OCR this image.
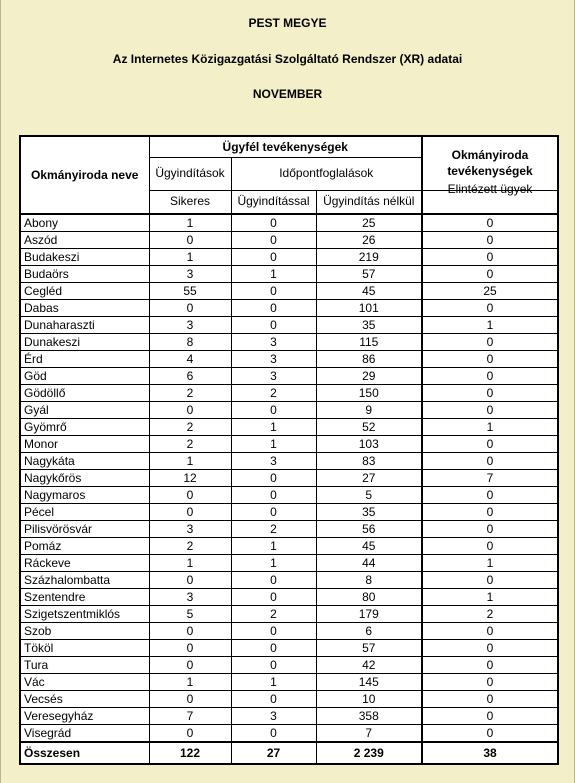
PEST MEGYE
Az Internetes Közigazgatási Szolgáltató Rendszer (XR) adatai
NOVEMBER
Okmányiroda neve	Ügyfél tevékenységek			Okmányiroda tevékenységek
	Ügyindítások	Időpontfoglalások		
	Sikeres	Ügyindítással	Ügyindítás nélkül	Elintézett ügyek
Abony	1	0	25	0
Aszód	0	0	26	0
Budakeszi	1	0	219	0
Budaörs	3	1	57	0
Cegléd	55	0	45	25
Dabas	0	0	101	0
Dunaharaszti	3	0	35	1
Dunakeszi	8	3	115	0
Érd	4	3	86	0
Göd	6	3	29	0
Gödöllő	2	2	150	0
Gyál	0	0	9	0
Gyömrő	2	1	52	1
Monor	2	1	103	0
Nagykáta	1	3	83	0
Nagykőrös	12	0	27	7
Nagymaros	0	0	5	0
Pécel	0	0	35	0
Pilisvörösvár	3	2	56	0
Pomáz	2	1	45	0
Ráckeve	1	1	44	1
Százhalombatta	0	0	8	0
Szentendre	3	0	80	1
Szigetszentmiklós	5	2	179	2
Szob	0	0	6	0
Tököl	0	0	57	0
Tura	0	0	42	0
Vác	1	1	145	0
Vecsés	0	0	10	0
Veresegyház	7	3	358	0
Visegrád	0	0	7	0
Összesen	122	27	2 239	38
